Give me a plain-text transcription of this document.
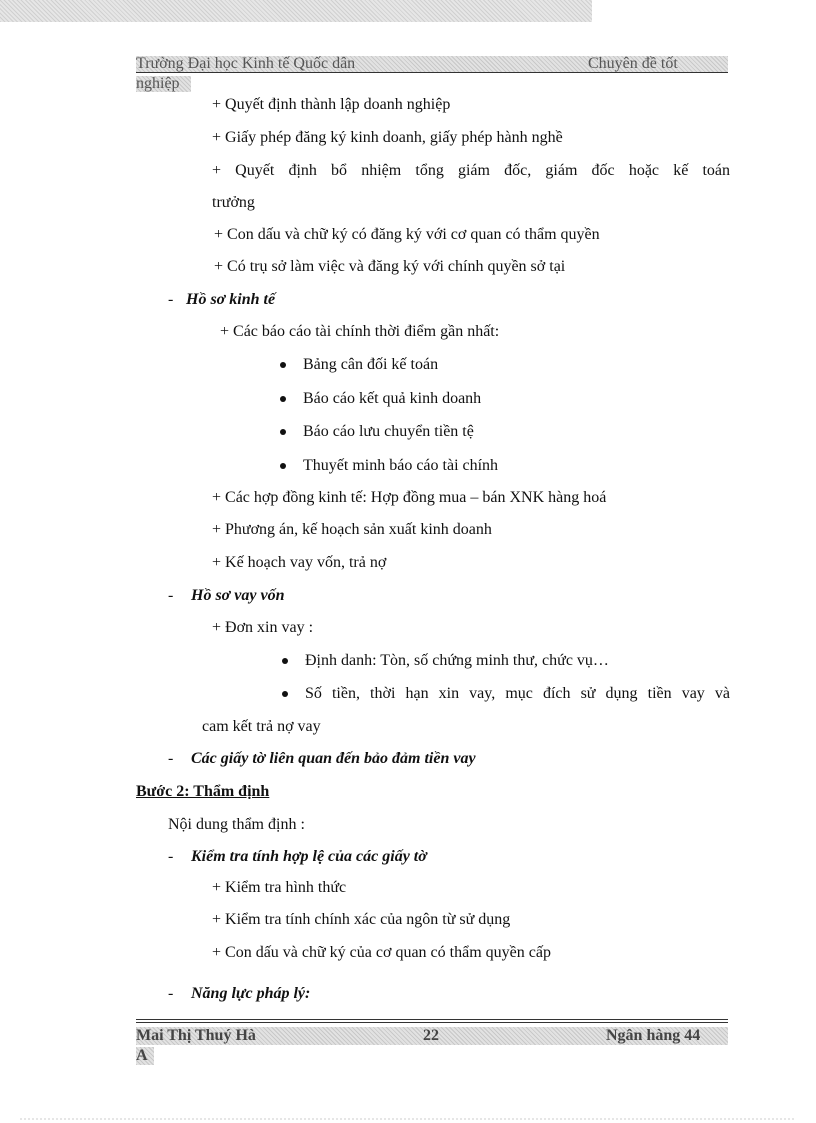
Trường Đại học Kinh tế Quốc dân	Chuyên đề tốt
nghiệp
+ Quyết định thành lập doanh nghiệp
+ Giấy phép đăng ký kinh doanh, giấy phép hành nghề
+ Quyết định bổ nhiệm tổng giám đốc, giám đốc hoặc kế toán
trưởng
+ Con dấu và chữ ký có đăng ký với cơ quan có thẩm quyền
+ Có trụ sở làm việc và đăng ký với chính quyền sở tại
- Hồ sơ kinh tế
+ Các báo cáo tài chính thời điểm gần nhất:
Bảng cân đối kế toán
Báo cáo kết quả kinh doanh
Báo cáo lưu chuyển tiền tệ
Thuyết minh báo cáo tài chính
+ Các hợp đồng kinh tế: Hợp đồng mua – bán XNK hàng hoá
+ Phương án, kế hoạch sản xuất kinh doanh
+ Kế hoạch vay vốn, trả nợ
- Hồ sơ vay vốn
+ Đơn xin vay :
Định danh: Tòn, số chứng minh thư, chức vụ…
Số tiền, thời hạn xin vay, mục đích sử dụng tiền vay và
cam kết trả nợ vay
- Các giấy tờ liên quan đến bảo đảm tiền vay
Bước 2: Thẩm định
Nội dung thẩm định :
- Kiểm tra tính hợp lệ của các giấy tờ
+ Kiểm tra hình thức
+ Kiểm tra tính chính xác của ngôn từ sử dụng
+ Con dấu và chữ ký của cơ quan có thẩm quyền cấp
- Năng lực pháp lý:
Mai Thị Thuý Hà	22	Ngân hàng 44
A
